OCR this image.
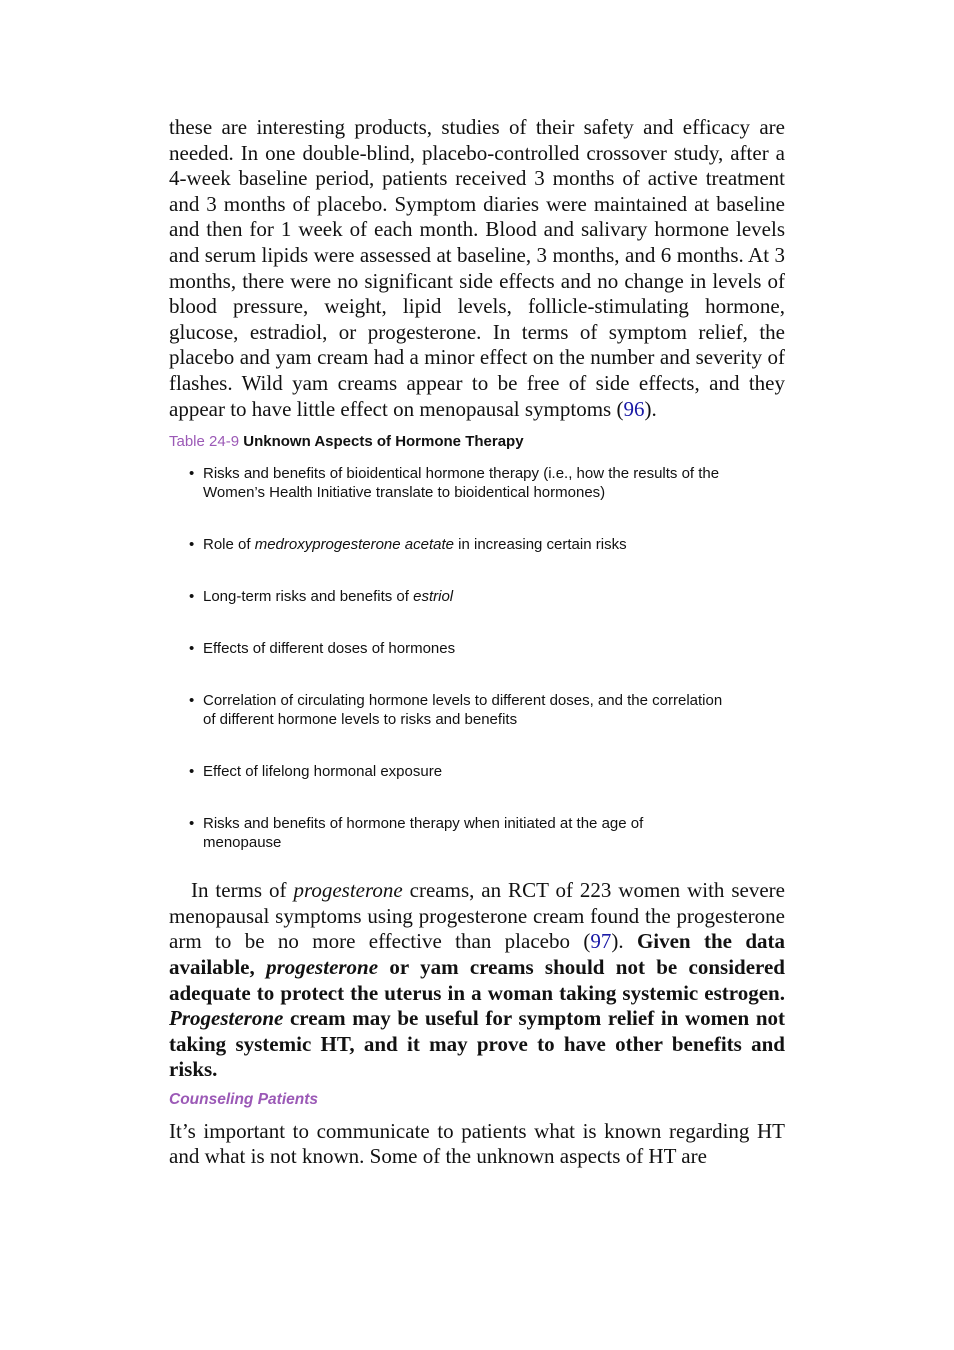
these are interesting products, studies of their safety and efficacy are needed. In one double-blind, placebo-controlled crossover study, after a 4-week baseline period, patients received 3 months of active treatment and 3 months of placebo. Symptom diaries were maintained at baseline and then for 1 week of each month. Blood and salivary hormone levels and serum lipids were assessed at baseline, 3 months, and 6 months. At 3 months, there were no significant side effects and no change in levels of blood pressure, weight, lipid levels, follicle-stimulating hormone, glucose, estradiol, or progesterone. In terms of symptom relief, the placebo and yam cream had a minor effect on the number and severity of flashes. Wild yam creams appear to be free of side effects, and they appear to have little effect on menopausal symptoms (96).

Table 24-9 Unknown Aspects of Hormone Therapy
• Risks and benefits of bioidentical hormone therapy (i.e., how the results of the Women’s Health Initiative translate to bioidentical hormones)
• Role of medroxyprogesterone acetate in increasing certain risks
• Long-term risks and benefits of estriol
• Effects of different doses of hormones
• Correlation of circulating hormone levels to different doses, and the correlation of different hormone levels to risks and benefits
• Effect of lifelong hormonal exposure
• Risks and benefits of hormone therapy when initiated at the age of menopause

In terms of progesterone creams, an RCT of 223 women with severe menopausal symptoms using progesterone cream found the progesterone arm to be no more effective than placebo (97). Given the data available, progesterone or yam creams should not be considered adequate to protect the uterus in a woman taking systemic estrogen. Progesterone cream may be useful for symptom relief in women not taking systemic HT, and it may prove to have other benefits and risks.

Counseling Patients

It’s important to communicate to patients what is known regarding HT and what is not known. Some of the unknown aspects of HT are
